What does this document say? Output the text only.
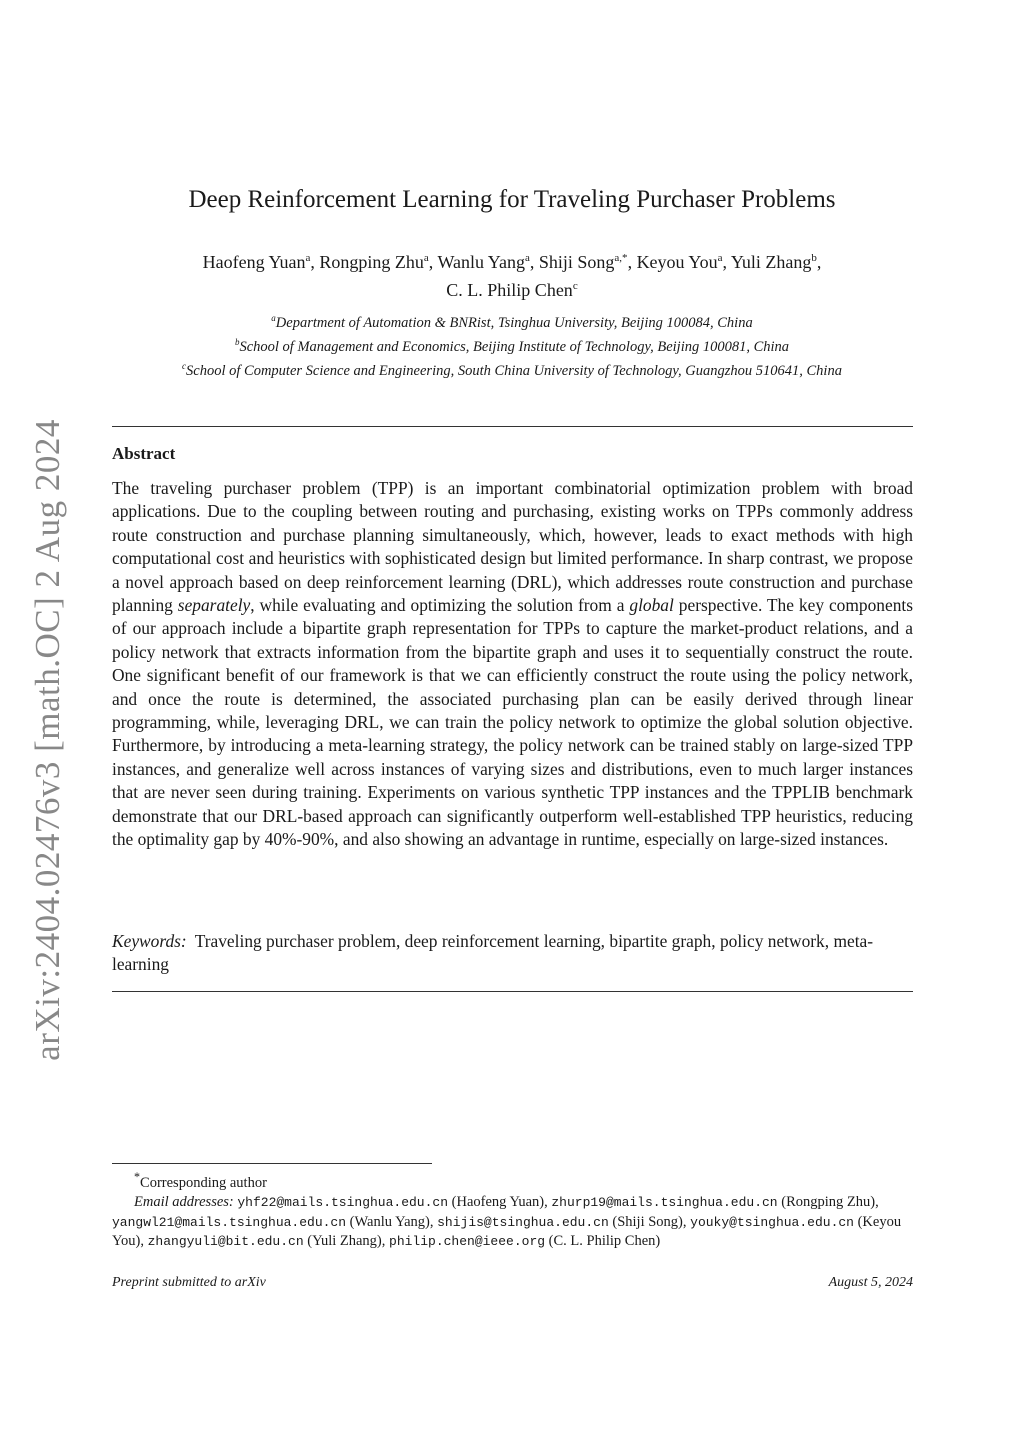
arXiv:2404.02476v3 [math.OC] 2 Aug 2024
Deep Reinforcement Learning for Traveling Purchaser Problems
Haofeng Yuan$^a$, Rongping Zhu$^a$, Wanlu Yang$^a$, Shiji Song$^{a,*}$, Keyou You$^a$, Yuli Zhang$^b$,
C. L. Philip Chen$^c$
$^a$Department of Automation & BNRist, Tsinghua University, Beijing 100084, China
$^b$School of Management and Economics, Beijing Institute of Technology, Beijing 100081, China
$^c$School of Computer Science and Engineering, South China University of Technology, Guangzhou 510641, China
Abstract
The traveling purchaser problem (TPP) is an important combinatorial optimization problem with broad applications. Due to the coupling between routing and purchasing, existing works on TPPs commonly address route construction and purchase planning simultaneously, which, however, leads to exact methods with high computational cost and heuristics with sophisticated design but limited performance. In sharp contrast, we propose a novel approach based on deep reinforcement learning (DRL), which addresses route construction and purchase planning separately, while evaluating and optimizing the solution from a global perspective. The key components of our approach include a bipartite graph representation for TPPs to capture the market-product relations, and a policy network that extracts information from the bipartite graph and uses it to sequentially construct the route. One significant benefit of our framework is that we can efficiently construct the route using the policy network, and once the route is determined, the associated purchasing plan can be easily derived through linear programming, while, leveraging DRL, we can train the policy network to optimize the global solution objective. Furthermore, by introducing a meta-learning strategy, the policy network can be trained stably on large-sized TPP instances, and generalize well across instances of varying sizes and distributions, even to much larger instances that are never seen during training. Experiments on various synthetic TPP instances and the TPPLIB benchmark demonstrate that our DRL-based approach can significantly outperform well-established TPP heuristics, reducing the optimality gap by 40%-90%, and also showing an advantage in runtime, especially on large-sized instances.
Keywords: Traveling purchaser problem, deep reinforcement learning, bipartite graph, policy network, meta-learning
*Corresponding author
Email addresses: yhf22@mails.tsinghua.edu.cn (Haofeng Yuan), zhurp19@mails.tsinghua.edu.cn (Rongping Zhu), yangwl21@mails.tsinghua.edu.cn (Wanlu Yang), shijis@tsinghua.edu.cn (Shiji Song), youky@tsinghua.edu.cn (Keyou You), zhangyuli@bit.edu.cn (Yuli Zhang), philip.chen@ieee.org (C. L. Philip Chen)
Preprint submitted to arXiv	August 5, 2024
